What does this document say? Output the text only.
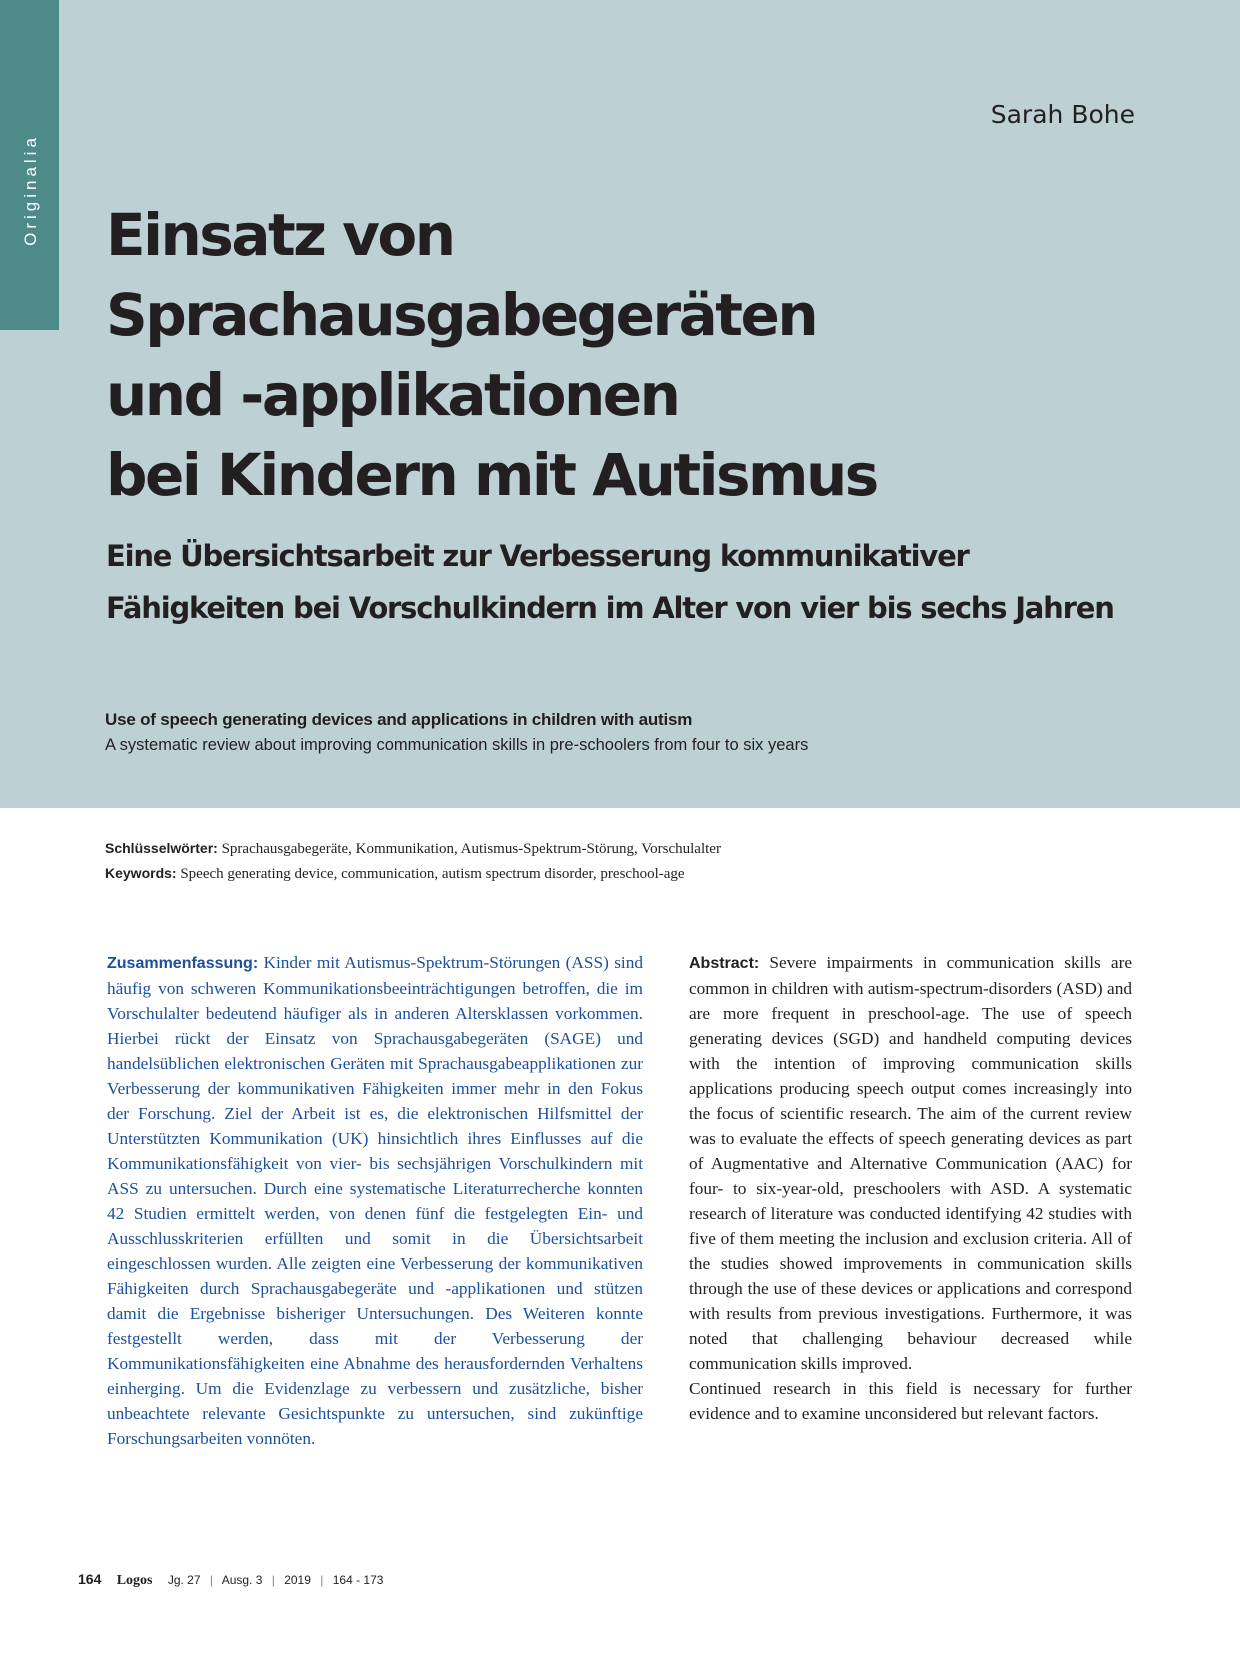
Originalia
Sarah Bohe
Einsatz von
Sprachausgabegeräten
und -applikationen
bei Kindern mit Autismus
Eine Übersichtsarbeit zur Verbesserung kommunikativer
Fähigkeiten bei Vorschulkindern im Alter von vier bis sechs Jahren
Use of speech generating devices and applications in children with autism
A systematic review about improving communication skills in pre-schoolers from four to six years
Schlüsselwörter: Sprachausgabegeräte, Kommunikation, Autismus-Spektrum-Störung, Vorschulalter
Keywords: Speech generating device, communication, autism spectrum disorder, preschool-age

Zusammenfassung: Kinder mit Autismus-Spektrum-Störungen (ASS) sind häufig von schweren Kommunikationsbeeinträchtigungen betroffen, die im Vorschulalter bedeutend häufiger als in anderen Altersklassen vorkommen. Hierbei rückt der Einsatz von Sprachausgabegeräten (SAGE) und handelsüblichen elektronischen Geräten mit Sprachausgabeapplikationen zur Verbesserung der kommunikativen Fähigkeiten immer mehr in den Fokus der Forschung. Ziel der Arbeit ist es, die elektronischen Hilfsmittel der Unterstützten Kommunikation (UK) hinsichtlich ihres Einflusses auf die Kommunikationsfähigkeit von vier- bis sechsjährigen Vorschulkindern mit ASS zu untersuchen. Durch eine systematische Literaturrecherche konnten 42 Studien ermittelt werden, von denen fünf die festgelegten Ein- und Ausschlusskriterien erfüllten und somit in die Übersichtsarbeit eingeschlossen wurden. Alle zeigten eine Verbesserung der kommunikativen Fähigkeiten durch Sprachausgabegeräte und -applikationen und stützen damit die Ergebnisse bisheriger Untersuchungen. Des Weiteren konnte festgestellt werden, dass mit der Verbesserung der Kommunikationsfähigkeiten eine Abnahme des herausfordernden Verhaltens einherging. Um die Evidenzlage zu verbessern und zusätzliche, bisher unbeachtete relevante Gesichtspunkte zu untersuchen, sind zukünftige Forschungsarbeiten vonnöten.

Abstract: Severe impairments in communication skills are common in children with autism-spectrum-disorders (ASD) and are more frequent in preschool-age. The use of speech generating devices (SGD) and handheld computing devices with the intention of improving communication skills applications producing speech output comes increasingly into the focus of scientific research. The aim of the current review was to evaluate the effects of speech generating devices as part of Augmentative and Alternative Communication (AAC) for four- to six-year-old, preschoolers with ASD. A systematic research of literature was conducted identifying 42 studies with five of them meeting the inclusion and exclusion criteria. All of the studies showed improvements in communication skills through the use of these devices or applications and correspond with results from previous investigations. Furthermore, it was noted that challenging behaviour decreased while communication skills improved.
Continued research in this field is necessary for further evidence and to examine unconsidered but relevant factors.

164 Logos Jg. 27 | Ausg. 3 | 2019 | 164 - 173
